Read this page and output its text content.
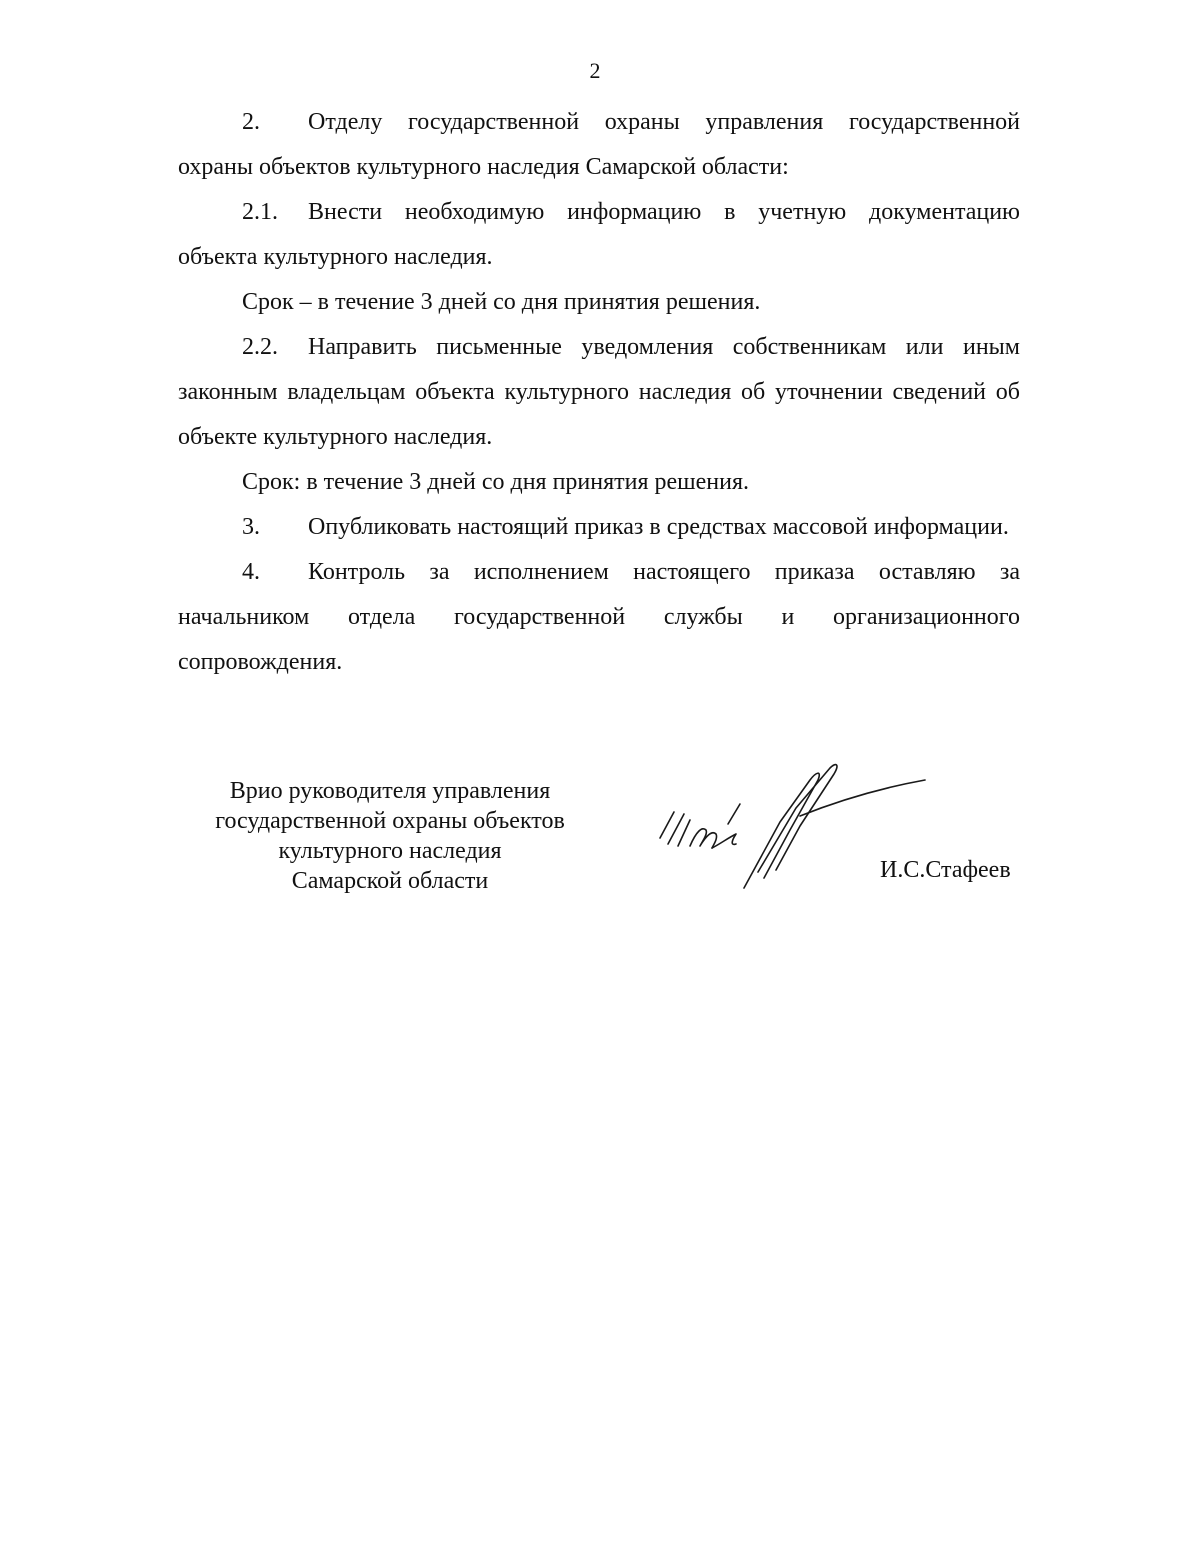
2

2. Отделу государственной охраны управления государственной охраны объектов культурного наследия Самарской области:

2.1. Внести необходимую информацию в учетную документацию объекта культурного наследия.

Срок – в течение 3 дней со дня принятия решения.

2.2. Направить письменные уведомления собственникам или иным законным владельцам объекта культурного наследия об уточнении сведений об объекте культурного наследия.

Срок: в течение 3 дней со дня принятия решения.

3. Опубликовать настоящий приказ в средствах массовой информации.

4. Контроль за исполнением настоящего приказа оставляю за начальником отдела государственной службы и организационного сопровождения.

Врио руководителя управления
государственной охраны объектов
культурного наследия
Самарской области	И.С.Стафеев
